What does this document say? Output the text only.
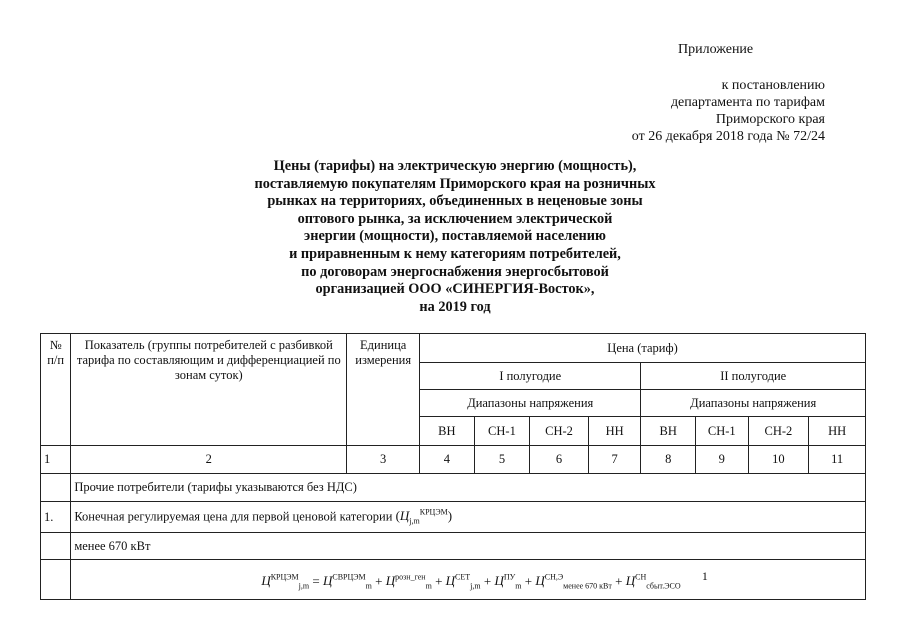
Приложение
к постановлению
департамента по тарифам
Приморского края
от 26 декабря 2018 года № 72/24
Цены (тарифы) на электрическую энергию (мощность),
поставляемую покупателям Приморского края на розничных
рынках на территориях, объединенных в неценовые зоны
оптового рынка, за исключением электрической
энергии (мощности), поставляемой населению
и приравненным к нему категориям потребителей,
по договорам энергоснабжения энергосбытовой
организацией ООО «СИНЕРГИЯ-Восток»,
на 2019 год
№ п/п	Показатель (группы потребителей с разбивкой тарифа по составляющим и дифференциацией по зонам суток)	Единица измерения	Цена (тариф)							
			I полугодие				II полугодие			
			Диапазоны напряжения				Диапазоны напряжения			
			ВН	СН-1	СН-2	НН	ВН	СН-1	СН-2	НН
1	2	3	4	5	6	7	8	9	10	11
	Прочие потребители (тарифы указываются без НДС)									
1.	Конечная регулируемая цена для первой ценовой категории $(Ц_{j,m}^{КРЦЭМ})$									
	менее 670 кВт									
	$Ц^{КРЦЭМ}_{j,m} = Ц^{СВРЦЭМ}_m + Ц^{розн\_ген}_m + Ц^{СЕТ}_{j,m} + Ц^{ПУ}_m + Ц^{СН,Э}_{менее 670 кВт} + Ц^{СН}_{сбыт.ЭСО}$ 1									
